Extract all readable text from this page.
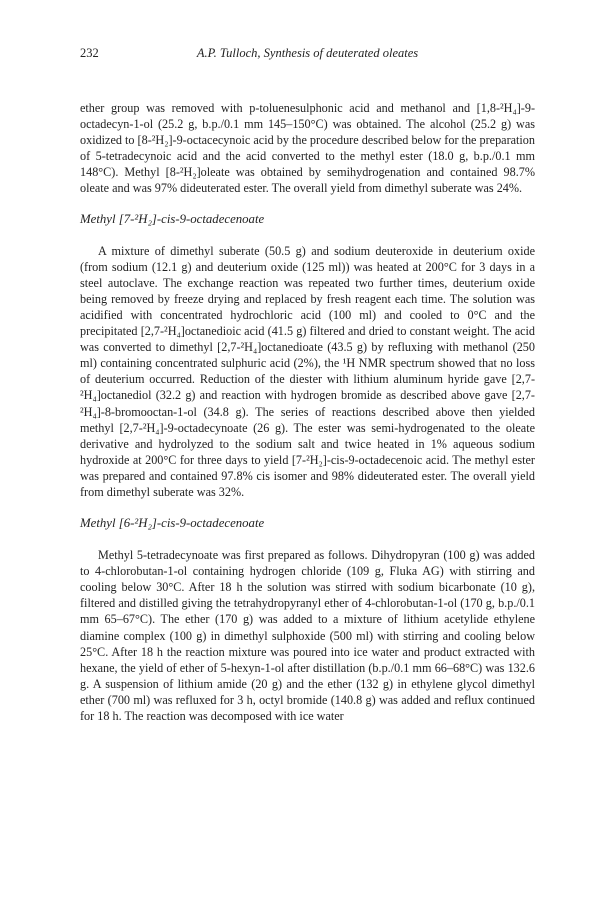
232	A.P. Tulloch, Synthesis of deuterated oleates

ether group was removed with p-toluenesulphonic acid and methanol and [1,8-²H₄]-9-octadecyn-1-ol (25.2 g, b.p./0.1 mm 145–150°C) was obtained. The alcohol (25.2 g) was oxidized to [8-²H₂]-9-octacecynoic acid by the procedure described below for the preparation of 5-tetradecynoic acid and the acid converted to the methyl ester (18.0 g, b.p./0.1 mm 148°C). Methyl [8-²H₂]oleate was obtained by semihydrogenation and contained 98.7% oleate and was 97% dideuterated ester. The overall yield from dimethyl suberate was 24%.

Methyl [7-²H₂]-cis-9-octadecenoate

A mixture of dimethyl suberate (50.5 g) and sodium deuteroxide in deuterium oxide (from sodium (12.1 g) and deuterium oxide (125 ml)) was heated at 200°C for 3 days in a steel autoclave. The exchange reaction was repeated two further times, deuterium oxide being removed by freeze drying and replaced by fresh reagent each time. The solution was acidified with concentrated hydrochloric acid (100 ml) and cooled to 0°C and the precipitated [2,7-²H₄]octanedioic acid (41.5 g) filtered and dried to constant weight. The acid was converted to dimethyl [2,7-²H₄]octanedioate (43.5 g) by refluxing with methanol (250 ml) containing concentrated sulphuric acid (2%), the ¹H NMR spectrum showed that no loss of deuterium occurred. Reduction of the diester with lithium aluminum hyride gave [2,7-²H₄]octanediol (32.2 g) and reaction with hydrogen bromide as described above gave [2,7-²H₄]-8-bromooctan-1-ol (34.8 g). The series of reactions described above then yielded methyl [2,7-²H₄]-9-octadecynoate (26 g). The ester was semi-hydrogenated to the oleate derivative and hydrolyzed to the sodium salt and twice heated in 1% aqueous sodium hydroxide at 200°C for three days to yield [7-²H₂]-cis-9-octadecenoic acid. The methyl ester was prepared and contained 97.8% cis isomer and 98% dideuterated ester. The overall yield from dimethyl suberate was 32%.

Methyl [6-²H₂]-cis-9-octadecenoate

Methyl 5-tetradecynoate was first prepared as follows. Dihydropyran (100 g) was added to 4-chlorobutan-1-ol containing hydrogen chloride (109 g, Fluka AG) with stirring and cooling below 30°C. After 18 h the solution was stirred with sodium bicarbonate (10 g), filtered and distilled giving the tetrahydropyranyl ether of 4-chlorobutan-1-ol (170 g, b.p./0.1 mm 65–67°C). The ether (170 g) was added to a mixture of lithium acetylide ethylene diamine complex (100 g) in dimethyl sulphoxide (500 ml) with stirring and cooling below 25°C. After 18 h the reaction mixture was poured into ice water and product extracted with hexane, the yield of ether of 5-hexyn-1-ol after distillation (b.p./0.1 mm 66–68°C) was 132.6 g. A suspension of lithium amide (20 g) and the ether (132 g) in ethylene glycol dimethyl ether (700 ml) was refluxed for 3 h, octyl bromide (140.8 g) was added and reflux continued for 18 h. The reaction was decomposed with ice water
